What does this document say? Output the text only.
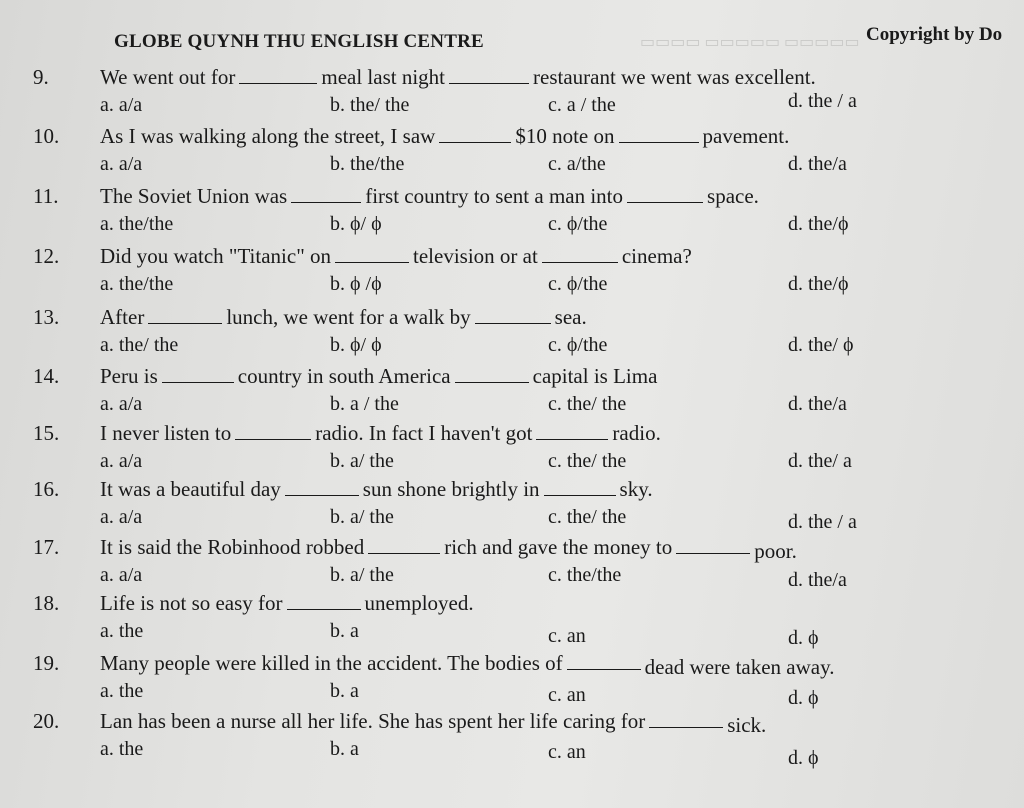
▭▭▭▭ ▭▭▭▭▭ ▭▭▭▭▭
GLOBE QUYNH THU ENGLISH CENTRE	Copyright by Do
9. We went out for	meal last night	restaurant we went was excellent.
a. a/a	b. the/ the	c. a / the	d. the / a
10. As I was walking along the street, I saw	$10 note on	pavement.
a. a/a	b. the/the	c. a/the	d. the/a
11. The Soviet Union was	first country to sent a man into	space.
a. the/the	b. ϕ/ ϕ	c. ϕ/the	d. the/ϕ
12. Did you watch "Titanic" on	television or at	cinema?
a. the/the	b. ϕ /ϕ	c. ϕ/the	d. the/ϕ
13. After	lunch, we went for a walk by	sea.
a. the/ the	b. ϕ/ ϕ	c. ϕ/the	d. the/ ϕ
14. Peru is	country in south America	capital is Lima
a. a/a	b. a / the	c. the/ the	d. the/a
15. I never listen to	radio. In fact I haven't got	radio.
a. a/a	b. a/ the	c. the/ the	d. the/ a
16. It was a beautiful day	sun shone brightly in	sky.
a. a/a	b. a/ the	c. the/ the	d. the / a
17. It is said the Robinhood robbed	rich and gave the money to	poor.
a. a/a	b. a/ the	c. the/the	d. the/a
18. Life is not so easy for	unemployed.
a. the	b. a	c. an	d. ϕ
19. Many people were killed in the accident. The bodies of	dead were taken away.
a. the	b. a	c. an	d. ϕ
20. Lan has been a nurse all her life. She has spent her life caring for	sick.
a. the	b. a	c. an	d. ϕ
